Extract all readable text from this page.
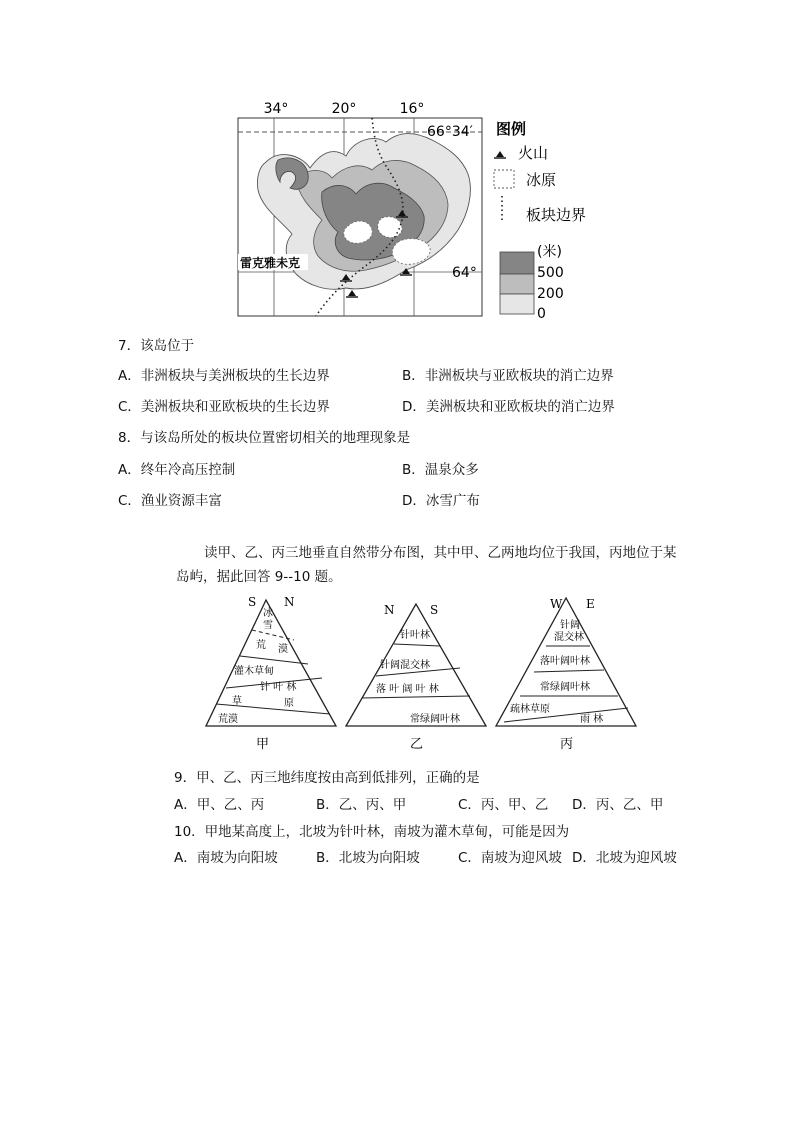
34°	20°	16°
66°34′
64°
雷克雅未克
图例
火山
冰原
板块边界
(米)
500
200
0
7．该岛位于
A．非洲板块与美洲板块的生长边界	B．非洲板块与亚欧板块的消亡边界
C．美洲板块和亚欧板块的生长边界	D．美洲板块和亚欧板块的消亡边界
8．与该岛所处的板块位置密切相关的地理现象是
A．终年冷高压控制	B．温泉众多
C．渔业资源丰富	D．冰雪广布
读甲、乙、丙三地垂直自然带分布图，其中甲、乙两地均位于我国，丙地位于某
岛屿，据此回答 9--10 题。
S N
冰
雪
荒 漠
灌木草甸
针 叶 林
草	原
荒漠
甲
N	S
针叶林
针阔混交林
落 叶 阔 叶 林
常绿阔叶林
乙
W E
针阔
混交林
落叶阔叶林
常绿阔叶林
疏林草原
雨 林
丙
9．甲、乙、丙三地纬度按由高到低排列，正确的是
A．甲、乙、丙	B．乙、丙、甲	C．丙、甲、乙 D．丙、乙、甲
10．甲地某高度上，北坡为针叶林，南坡为灌木草甸，可能是因为
A．南坡为向阳坡	B．北坡为向阳坡	C．南坡为迎风坡 D．北坡为迎风坡
